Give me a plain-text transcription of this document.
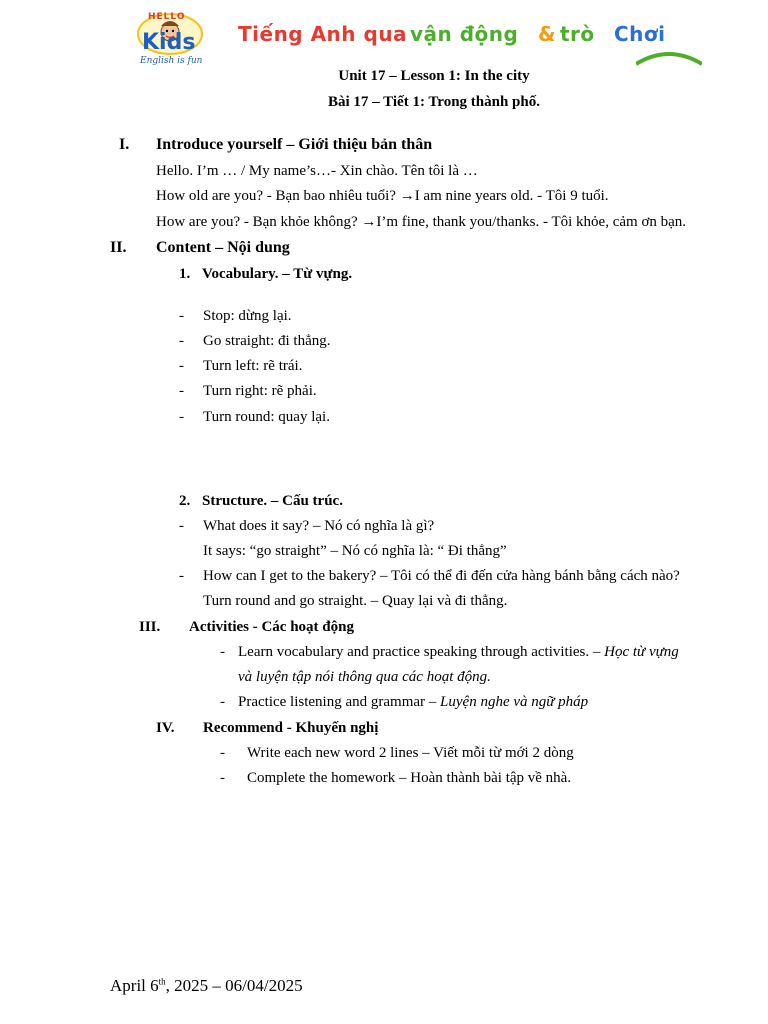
HELLO
Kids
English is fun
Tiếng Anh qua vận động & trò Chơi
Unit 17 – Lesson 1: In the city
Bài 17 – Tiết 1: Trong thành phố.
I. Introduce yourself – Giới thiệu bản thân
Hello. I’m … / My name’s…- Xin chào. Tên tôi là …
How old are you? - Bạn bao nhiêu tuổi? →I am nine years old. - Tôi 9 tuổi.
How are you? - Bạn khỏe không? →I’m fine, thank you/thanks. - Tôi khỏe, cảm ơn bạn.
II. Content – Nội dung
1. Vocabulary. – Từ vựng.
- Stop: dừng lại.
- Go straight: đi thẳng.
- Turn left: rẽ trái.
- Turn right: rẽ phải.
- Turn round: quay lại.
2. Structure. – Cấu trúc.
- What does it say? – Nó có nghĩa là gì?
It says: “go straight” – Nó có nghĩa là: “ Đi thẳng”
- How can I get to the bakery? – Tôi có thể đi đến cửa hàng bánh bằng cách nào?
Turn round and go straight. – Quay lại và đi thẳng.
III. Activities - Các hoạt động
- Learn vocabulary and practice speaking through activities. – Học từ vựng
và luyện tập nói thông qua các hoạt động.
- Practice listening and grammar – Luyện nghe và ngữ pháp
IV. Recommend - Khuyến nghị
- Write each new word 2 lines – Viết mỗi từ mới 2 dòng
- Complete the homework – Hoàn thành bài tập về nhà.
April 6th, 2025 – 06/04/2025
